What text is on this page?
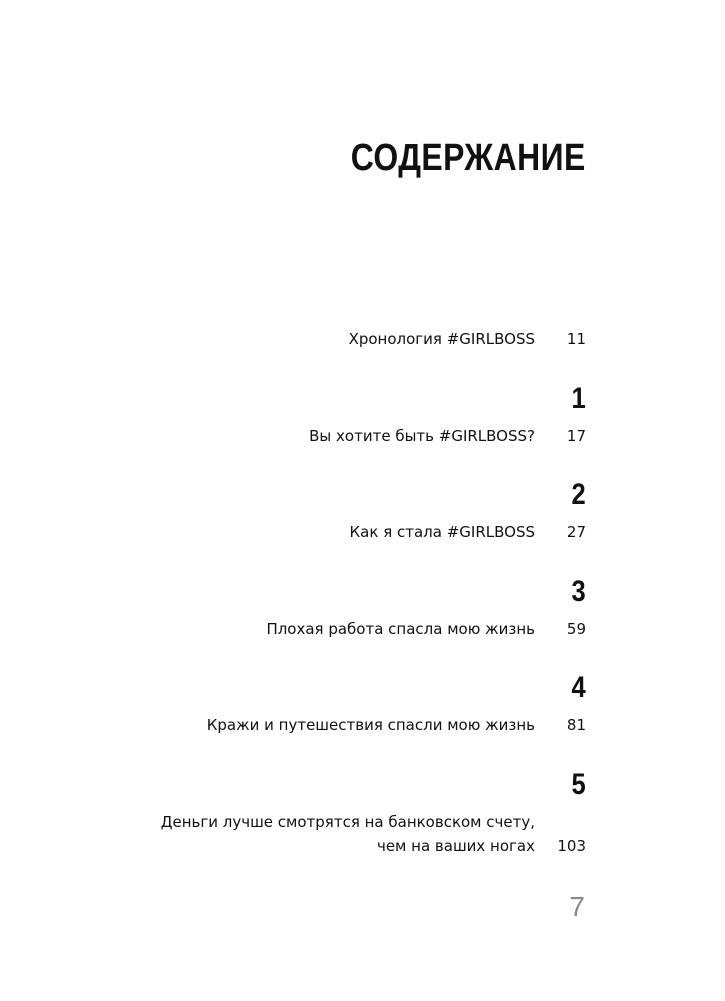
СОДЕРЖАНИЕ
Хронология #GIRLBOSS 11
1
Вы хотите быть #GIRLBOSS? 17
2
Как я стала #GIRLBOSS 27
3
Плохая работа спасла мою жизнь 59
4
Кражи и путешествия спасли мою жизнь 81
5
Деньги лучше смотрятся на банковском счету,
чем на ваших ногах 103
7
